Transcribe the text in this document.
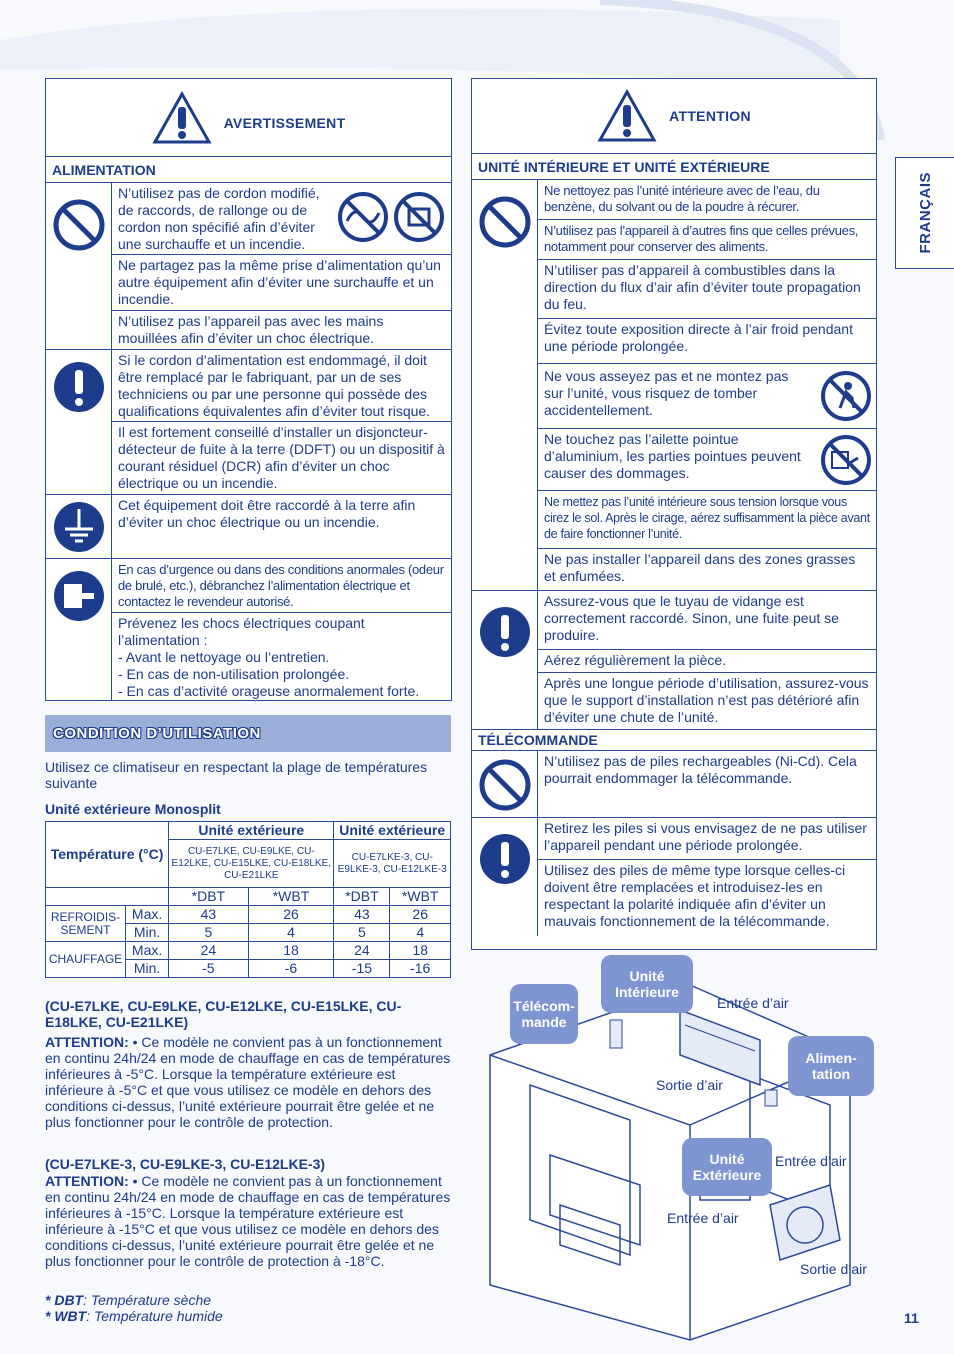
AVERTISSEMENT
ALIMENTATION
N’utilisez pas de cordon modifié, de raccords, de rallonge ou de cordon non spécifié afin d’éviter une surchauffe et un incendie.
Ne partagez pas la même prise d’alimentation qu’un autre équipement afin d’éviter une surchauffe et un incendie.
N’utilisez pas l’appareil pas avec les mains mouillées afin d’éviter un choc électrique.
Si le cordon d’alimentation est endommagé, il doit être remplacé par le fabriquant, par un de ses techniciens ou par une personne qui possède des qualifications équivalentes afin d’éviter tout risque.
Il est fortement conseillé d’installer un disjoncteur-détecteur de fuite à la terre (DDFT) ou un dispositif à courant résiduel (DCR) afin d’éviter un choc électrique ou un incendie.
Cet équipement doit être raccordé à la terre afin d’éviter un choc électrique ou un incendie.
En cas d’urgence ou dans des conditions anormales (odeur de brulé, etc.), débranchez l’alimentation électrique et contactez le revendeur autorisé.
Prévenez les chocs électriques coupant l’alimentation :
- Avant le nettoyage ou l’entretien.
- En cas de non-utilisation prolongée.
- En cas d’activité orageuse anormalement forte.
ATTENTION
UNITÉ INTÉRIEURE ET UNITÉ EXTÉRIEURE
Ne nettoyez pas l’unité intérieure avec de l’eau, du benzène, du solvant ou de la poudre à récurer.
N’utilisez pas l’appareil à d’autres fins que celles prévues, notamment pour conserver des aliments.
N’utiliser pas d’appareil à combustibles dans la direction du flux d’air afin d’éviter toute propagation du feu.
Évitez toute exposition directe à l’air froid pendant une période prolongée.
Ne vous asseyez pas et ne montez pas sur l’unité, vous risquez de tomber accidentellement.
Ne touchez pas l’ailette pointue d’aluminium, les parties pointues peuvent causer des dommages.
Ne mettez pas l’unité intérieure sous tension lorsque vous cirez le sol. Après le cirage, aérez suffisamment la pièce avant de faire fonctionner l’unité.
Ne pas installer l’appareil dans des zones grasses et enfumées.
Assurez-vous que le tuyau de vidange est correctement raccordé. Sinon, une fuite peut se produire.
Aérez régulièrement la pièce.
Après une longue période d’utilisation, assurez-vous que le support d’installation n’est pas détérioré afin d’éviter une chute de l’unité.
TÉLÉCOMMANDE
N’utilisez pas de piles rechargeables (Ni-Cd). Cela pourrait endommager la télécommande.
Retirez les piles si vous envisagez de ne pas utiliser l’appareil pendant une période prolongée.
Utilisez des piles de même type lorsque celles-ci doivent être remplacées et introduisez-les en respectant la polarité indiquée afin d’éviter un mauvais fonctionnement de la télécommande.
FRANÇAIS
CONDITION D’UTILISATION
Utilisez ce climatiseur en respectant la plage de températures suivante
Unité extérieure Monosplit
Température (°C)		Unité extérieure		Unité extérieure	
		CU-E7LKE, CU-E9LKE, CU-E12LKE, CU-E15LKE, CU-E18LKE, CU-E21LKE		CU-E7LKE-3, CU-E9LKE-3, CU-E12LKE-3	
		*DBT	*WBT	*DBT	*WBT
REFROIDIS-SEMENT	Max.	43	26	43	26
	Min.	5	4	5	4
CHAUFFAGE	Max.	24	18	24	18
	Min.	-5	-6	-15	-16
(CU-E7LKE, CU-E9LKE, CU-E12LKE, CU-E15LKE, CU-E18LKE, CU-E21LKE)
ATTENTION: • Ce modèle ne convient pas à un fonctionnement en continu 24h/24 en mode de chauffage en cas de températures inférieures à -5°C. Lorsque la température extérieure est inférieure à -5°C et que vous utilisez ce modèle en dehors des conditions ci-dessus, l’unité extérieure pourrait être gelée et ne plus fonctionner pour le contrôle de protection.
(CU-E7LKE-3, CU-E9LKE-3, CU-E12LKE-3)
ATTENTION: • Ce modèle ne convient pas à un fonctionnement en continu 24h/24 en mode de chauffage en cas de températures inférieures à -15°C. Lorsque la température extérieure est inférieure à -15°C et que vous utilisez ce modèle en dehors des conditions ci-dessus, l’unité extérieure pourrait être gelée et ne plus fonctionner pour le contrôle de protection à -18°C.
* DBT: Température sèche
* WBT: Température humide
Télécom-mande
Unité Intérieure
Alimen-tation
Unité Extérieure
Entrée d’air
Sortie d’air
Entrée d’air
Entrée d’air
Sortie d’air
11
